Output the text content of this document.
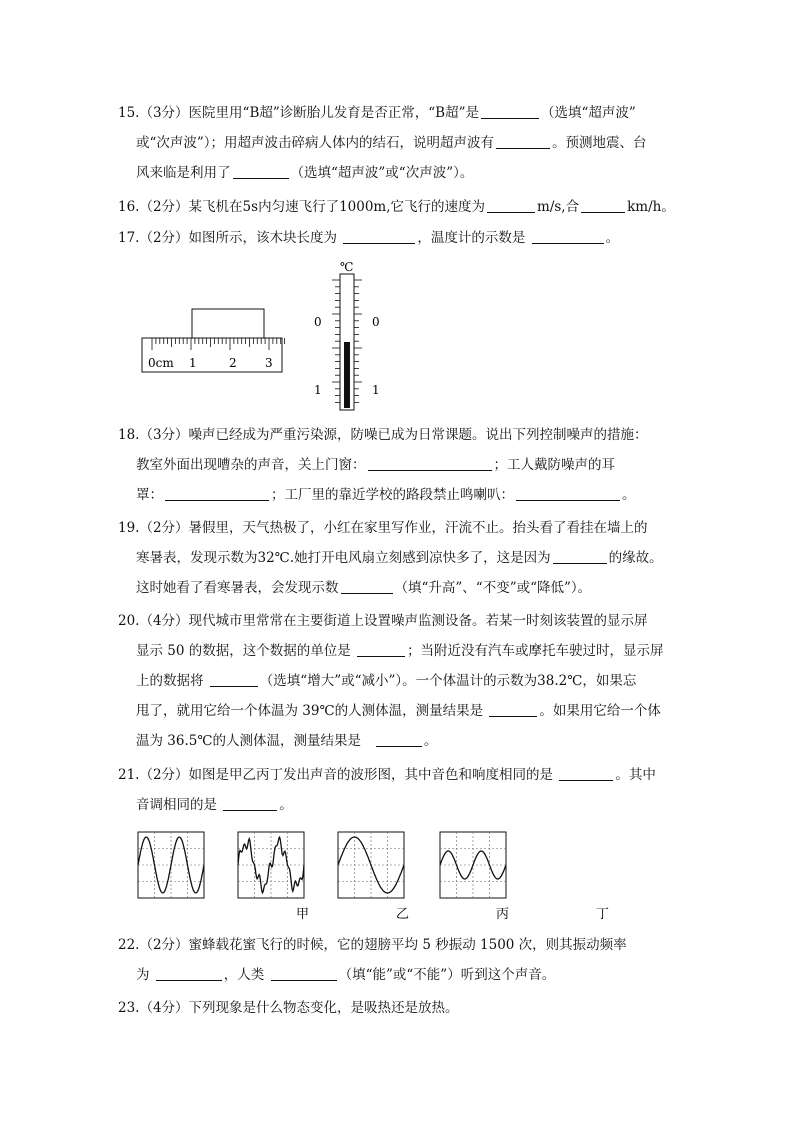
15.（3分）医院里用“B超”诊断胎儿发育是否正常，“B超”是	（选填“超声波”
或“次声波”）；用超声波击碎病人体内的结石，说明超声波有	。预测地震、台
风来临是利用了	（选填“超声波”或“次声波”）。
16.（2分）某飞机在5s内匀速飞行了1000m,它飞行的速度为	m/s,合	km/h。
17.（2分）如图所示，该木块长度为	，温度计的示数是	。
0cm 1	2 3
℃
0	0
1	1
18.（3分）噪声已经成为严重污染源，防噪已成为日常课题。说出下列控制噪声的措施：
教室外面出现嘈杂的声音，关上门窗：	；工人戴防噪声的耳
罩：	；工厂里的靠近学校的路段禁止鸣喇叭：	。
19.（2分）暑假里，天气热极了，小红在家里写作业，汗流不止。抬头看了看挂在墙上的
寒暑表，发现示数为32℃.她打开电风扇立刻感到凉快多了，这是因为	的缘故。
这时她看了看寒暑表，会发现示数	（填“升高”、“不变”或“降低”）。
20.（4分）现代城市里常常在主要街道上设置噪声监测设备。若某一时刻该装置的显示屏
显示 50 的数据，这个数据的单位是	；当附近没有汽车或摩托车驶过时，显示屏
上的数据将	（选填“增大”或“减小”）。一个体温计的示数为38.2℃，如果忘
甩了，就用它给一个体温为 39℃的人测体温，测量结果是	。如果用它给一个体
温为 36.5℃的人测体温，测量结果是	。
21.（2分）如图是甲乙丙丁发出声音的波形图，其中音色和响度相同的是	。其中
音调相同的是	。
甲	乙	丙	丁
22.（2分）蜜蜂载花蜜飞行的时候，它的翅膀平均 5 秒振动 1500 次，则其振动频率
为	，人类	（填“能”或“不能”）听到这个声音。
23.（4分）下列现象是什么物态变化，是吸热还是放热。
